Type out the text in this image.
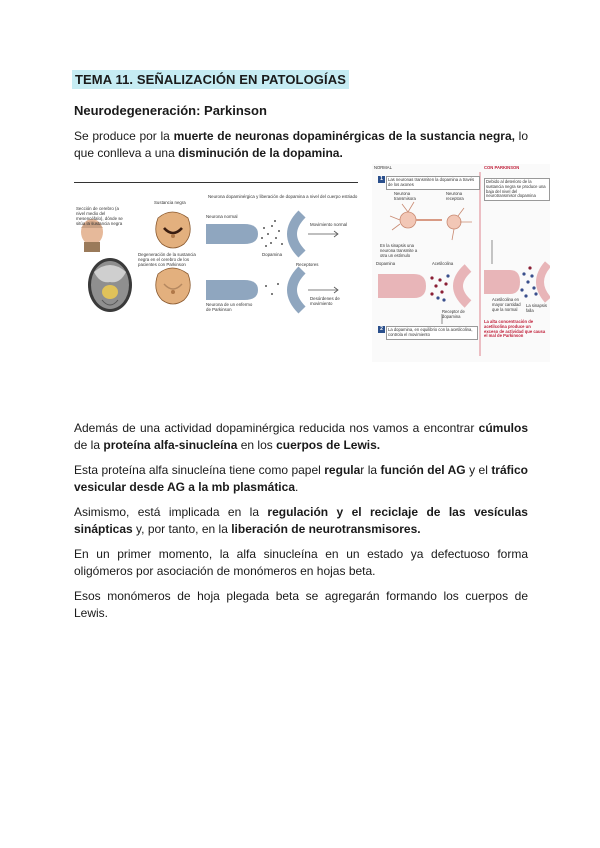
TEMA 11. SEÑALIZACIÓN EN PATOLOGÍAS
Neurodegeneración: Parkinson

Se produce por la muerte de neuronas dopaminérgicas de la sustancia negra, lo que conlleva a una disminución de la dopamina.

Sección de cerebro (a nivel medio del mesencéfalo), dónde se sitúa la sustancia negra
Sustancia negra
Degeneración de la sustancia negra en el cerebro de los pacientes con Parkinson
Neurona dopaminérgica y liberación de dopamina a nivel del cuerpo estriado
Neurona normal
Neurona de un enfermo de Parkinson
Dopamina
Receptores
Movimiento normal
Desórdenes de movimiento
NORMAL	CON PARKINSON
1	Las neuronas transmiten la dopamina a través de los axones
Neurona transmisora
Neurona receptora
En la sinapsis una neurona transmite a otra un estímulo
Dopamina	Acetilcolina
Receptor de dopamina
2	La dopamina, en equilibrio con la acetilcolina, controla el movimiento
Debido al deterioro de la sustancia negra se produce una baja del nivel del neurotransmisor dopamina
Acetilcolina en mayor cantidad que la normal
La sinapsis falla
La alta concentración de acetilcolina produce un exceso de actividad que causa el mal de Parkinson

Además de una actividad dopaminérgica reducida nos vamos a encontrar cúmulos de la proteína alfa-sinucleína en los cuerpos de Lewis.

Esta proteína alfa sinucleína tiene como papel regular la función del AG y el tráfico vesicular desde AG a la mb plasmática.

Asimismo, está implicada en la regulación y el reciclaje de las vesículas sinápticas y, por tanto, en la liberación de neurotransmisores.

En un primer momento, la alfa sinucleína en un estado ya defectuoso forma oligómeros por asociación de monómeros en hojas beta.

Esos monómeros de hoja plegada beta se agregarán formando los cuerpos de Lewis.
